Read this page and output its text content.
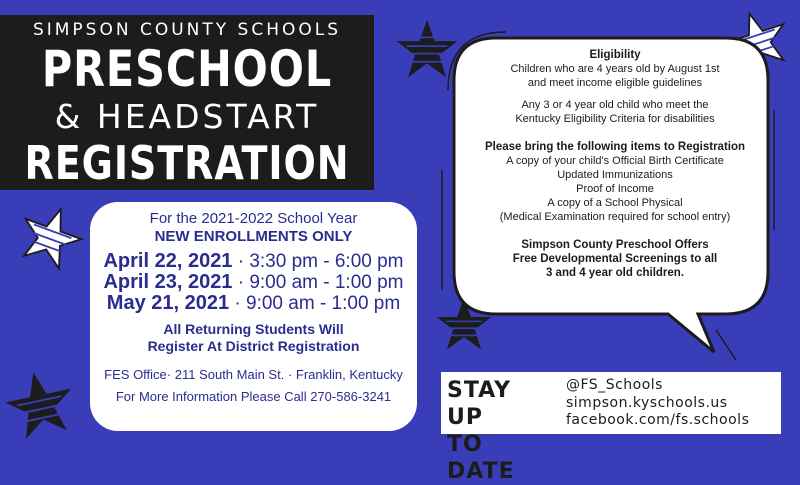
SIMPSON COUNTY SCHOOLS
PRESCHOOL
& HEADSTART
REGISTRATION
For the 2021-2022 School Year
NEW ENROLLMENTS ONLY
April 22, 2021 · 3:30 pm - 6:00 pm
April 23, 2021 · 9:00 am - 1:00 pm
May 21, 2021 · 9:00 am - 1:00 pm
All Returning Students Will
Register At District Registration
FES Office· 211 South Main St. · Franklin, Kentucky
For More Information Please Call 270-586-3241
Eligibility
Children who are 4 years old by August 1st
and meet income eligible guidelines
Any 3 or 4 year old child who meet the
Kentucky Eligibility Criteria for disabilities
Please bring the following items to Registration
A copy of your child's Official Birth Certificate
Updated Immunizations
Proof of Income
A copy of a School Physical
(Medical Examination required for school entry)
Simpson County Preschool Offers
Free Developmental Screenings to all
3 and 4 year old children.
STAY UP
TO DATE
@FS_Schools
simpson.kyschools.us
facebook.com/fs.schools
